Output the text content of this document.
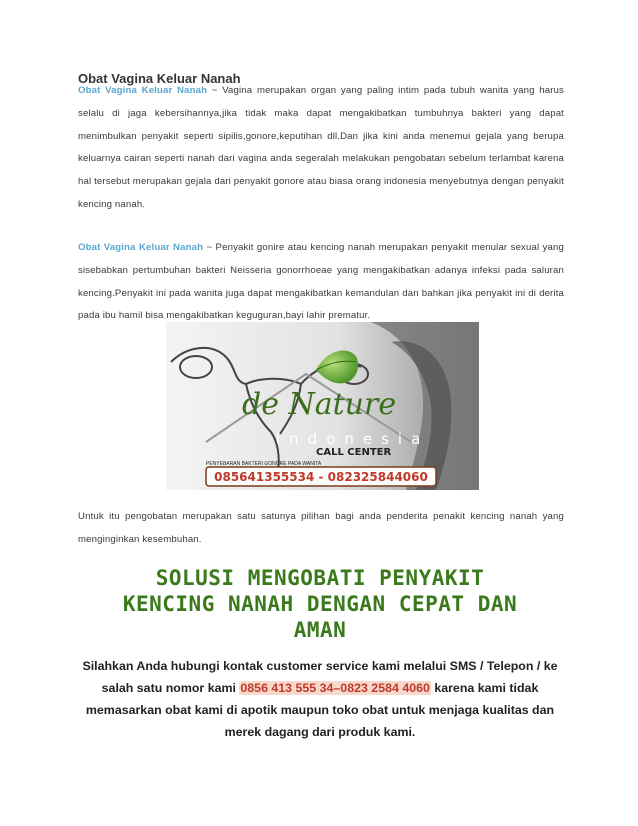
Obat Vagina Keluar Nanah
Obat Vagina Keluar Nanah ~ Vagina merupakan organ yang paling intim pada tubuh wanita yang harus selalu di jaga kebersihannya,jika tidak maka dapat mengakibatkan tumbuhnya bakteri yang dapat menimbulkan penyakit seperti sipilis,gonore,keputihan dll.Dan jika kini anda menemui gejala yang berupa keluarnya cairan seperti nanah dari vagina anda segeralah melakukan pengobatan sebelum terlambat karena hal tersebut merupakan gejala dari penyakit gonore atau biasa orang indonesia menyebutnya dengan penyakit kencing nanah.
Obat Vagina Keluar Nanah ~ Penyakit gonire atau kencing nanah merupakan penyakit menular sexual yang sisebabkan pertumbuhan bakteri Neisseria gonorrhoeae yang mengakibatkan adanya infeksi pada saluran kencing.Penyakit ini pada wanita juga dapat mengakibatkan kemandulan dan bahkan jika penyakit ini di derita pada ibu hamil bisa mengakibatkan keguguran,bayi lahir prematur.
de Nature
indonesia
PENYEBARAN BAKTERI GONORE PADA WANITA
CALL CENTER
085641355534 - 082325844060
Untuk itu pengobatan merupakan satu satunya pilihan bagi anda penderita penakit kencing nanah yang menginginkan kesembuhan.
SOLUSI MENGOBATI PENYAKIT
KENCING NANAH DENGAN CEPAT DAN
AMAN
Silahkan Anda hubungi kontak customer service kami melalui SMS / Telepon / ke salah satu nomor kami 0856 413 555 34–0823 2584 4060 karena kami tidak memasarkan obat kami di apotik maupun toko obat untuk menjaga kualitas dan merek dagang dari produk kami.
